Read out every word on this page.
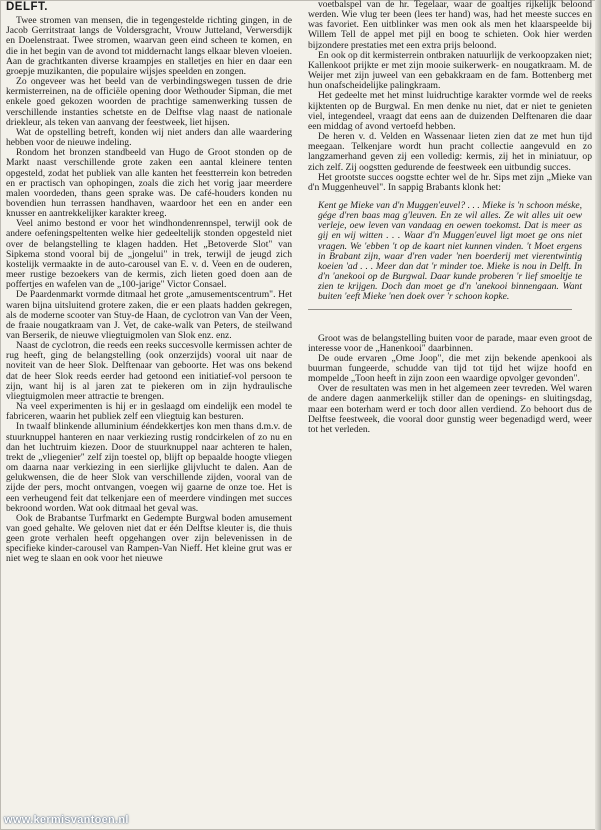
DELFT.

Twee stromen van mensen, die in tegengestelde richting gingen, in de Jacob Gerritstraat langs de Voldersgracht, Vrouw Jutteland, Verwersdijk en Doelenstraat. Twee stromen, waarvan geen eind scheen te komen, en die in het begin van de avond tot middernacht langs elkaar bleven vloeien. Aan de grachtkanten diverse kraampjes en stalletjes en hier en daar een groepje muzikanten, die populaire wijsjes speelden en zongen.

Zo ongeveer was het beeld van de verbindingswegen tussen de drie kermisterreinen, na de officiële opening door Wethouder Sipman, die met enkele goed gekozen woorden de prachtige samenwerking tussen de verschillende instanties schetste en de Delftse vlag naast de nationale driekleur, als teken van aanvang der feestweek, liet hijsen.

Wat de opstelling betreft, konden wij niet anders dan alle waardering hebben voor de nieuwe indeling.

Rondom het bronzen standbeeld van Hugo de Groot stonden op de Markt naast verschillende grote zaken een aantal kleinere tenten opgesteld, zodat het publiek van alle kanten het feestterrein kon betreden en er practisch van ophopingen, zoals die zich het vorig jaar meerdere malen voordeden, thans geen sprake was. De café-houders konden nu bovendien hun terrassen handhaven, waardoor het een en ander een knusser en aantrekkelijker karakter kreeg.

Veel animo bestond er voor het windhondenrennspel, terwijl ook de andere oefeningspeltenten welke hier gedeeltelijk stonden opgesteld niet over de belangstelling te klagen hadden. Het „Betoverde Slot" van Sipkema stond vooral bij de „jongelui" in trek, terwijl de jeugd zich kostelijk vermaakte in de auto-carousel van E. v. d. Veen en de ouderen, meer rustige bezoekers van de kermis, zich lieten goed doen aan de poffertjes en wafelen van de „100-jarige" Victor Consael.

De Paardenmarkt vormde ditmaal het grote „amusementscentrum". Het waren bijna uitsluitend grotere zaken, die er een plaats hadden gekregen, als de moderne scooter van Stuy-de Haan, de cyclotron van Van der Veen, de fraaie nougatkraam van J. Vet, de cake-walk van Peters, de steilwand van Berserik, de nieuwe vliegtuigmolen van Slok enz. enz.

Naast de cyclotron, die reeds een reeks succesvolle kermissen achter de rug heeft, ging de belangstelling (ook onzerzijds) vooral uit naar de noviteit van de heer Slok. Delftenaar van geboorte. Het was ons bekend dat de heer Slok reeds eerder had getoond een initiatief-vol persoon te zijn, want hij is al jaren zat te piekeren om in zijn hydraulische vliegtuigmolen meer attractie te brengen.

Na veel experimenten is hij er in geslaagd om eindelijk een model te fabriceren, waarin het publiek zelf een vliegtuig kan besturen.

In twaalf blinkende alluminium ééndekkertjes kon men thans d.m.v. de stuurknuppel hanteren en naar verkiezing rustig rondcirkelen of zo nu en dan het luchtruim kiezen. Door de stuurknuppel naar achteren te halen, trekt de „vliegenier" zelf zijn toestel op, blijft op bepaalde hoogte vliegen om daarna naar verkiezing in een sierlijke glijvlucht te dalen. Aan de gelukwensen, die de heer Slok van verschillende zijden, vooral van de zijde der pers, mocht ontvangen, voegen wij gaarne de onze toe. Het is een verheugend feit dat telkenjare een of meerdere vindingen met succes bekroond worden. Wat ook ditmaal het geval was.

Ook de Brabantse Turfmarkt en Gedempte Burgwal boden amusement van goed gehalte. We geloven niet dat er één Delftse kleuter is, die thuis geen grote verhalen heeft opgehangen over zijn belevenissen in de specifieke kinder-carousel van Rampen-Van Nieff. Het kleine grut was er niet weg te slaan en ook voor het nieuwe

voetbalspel van de hr. Tegelaar, waar de goaltjes rijkelijk beloond werden. Wie vlug ter been (lees ter hand) was, had het meeste succes en was favoriet. Een uitblinker was men ook als men het klaarspeelde bij Willem Tell de appel met pijl en boog te schieten. Ook hier werden bijzondere prestaties met een extra prijs beloond.

En ook op dit kermisterrein ontbraken natuurlijk de verkoopzaken niet; Kallenkoot prijkte er met zijn mooie suikerwerk- en nougatkraam. M. de Weijer met zijn juweel van een gebakkraam en de fam. Bottenberg met hun onafscheidelijke palingkraam.

Het gedeelte met het minst luidruchtige karakter vormde wel de reeks kijktenten op de Burgwal. En men denke nu niet, dat er niet te genieten viel, integendeel, vraagt dat eens aan de duizenden Delftenaren die daar een middag of avond vertoefd hebben.

De heren v. d. Velden en Wassenaar lieten zien dat ze met hun tijd meegaan. Telkenjare wordt hun pracht collectie aangevuld en zo langzamerhand geven zij een volledig: kermis, zij het in miniatuur, op zich zelf. Zij oogstten gedurende de feestweek een uitbundig succes.

Het grootste succes oogstte echter wel de hr. Sips met zijn „Mieke van d'n Muggenheuvel". In sappig Brabants klonk het:

Kent ge Mieke van d'n Muggen'euvel? . . . Mieke is 'n schoon méske, gége d'ren baas mag g'leuven. En ze wil alles. Ze wit alles uit oew verleje, oew leven van vandaag en oewen toekomst. Dat is meer as gij en wij witten . . . Waar d'n Muggen'euvel ligt moet ge ons niet vragen. We 'ebben 't op de kaart niet kunnen vinden. 't Moet ergens in Brabant zijn, waar d'ren vader 'nen boerderij met vierentwintig koeien 'ad . . . Meer dan dat 'r minder toe. Mieke is nou in Delft. In d'n 'anekooi op de Burgwal. Daar kunde proberen 'r lief smoeltje te zien te krijgen. Doch dan moet ge d'n 'anekooi binnengaan. Want buiten 'eeft Mieke 'nen doek over 'r schoon kopke.

Groot was de belangstelling buiten voor de parade, maar even groot de interesse voor de „Hanenkooi" daarbinnen.

De oude ervaren „Ome Joop", die met zijn bekende apenkooi als buurman fungeerde, schudde van tijd tot tijd het wijze hoofd en mompelde „Toon heeft in zijn zoon een waardige opvolger gevonden".

Over de resultaten was men in het algemeen zeer tevreden. Wel waren de andere dagen aanmerkelijk stiller dan de openings- en sluitingsdag, maar een boterham werd er toch door allen verdiend. Zo behoort dus de Delftse feestweek, die vooral door gunstig weer begenadigd werd, weer tot het verleden.

www.kermisvantoen.nl
